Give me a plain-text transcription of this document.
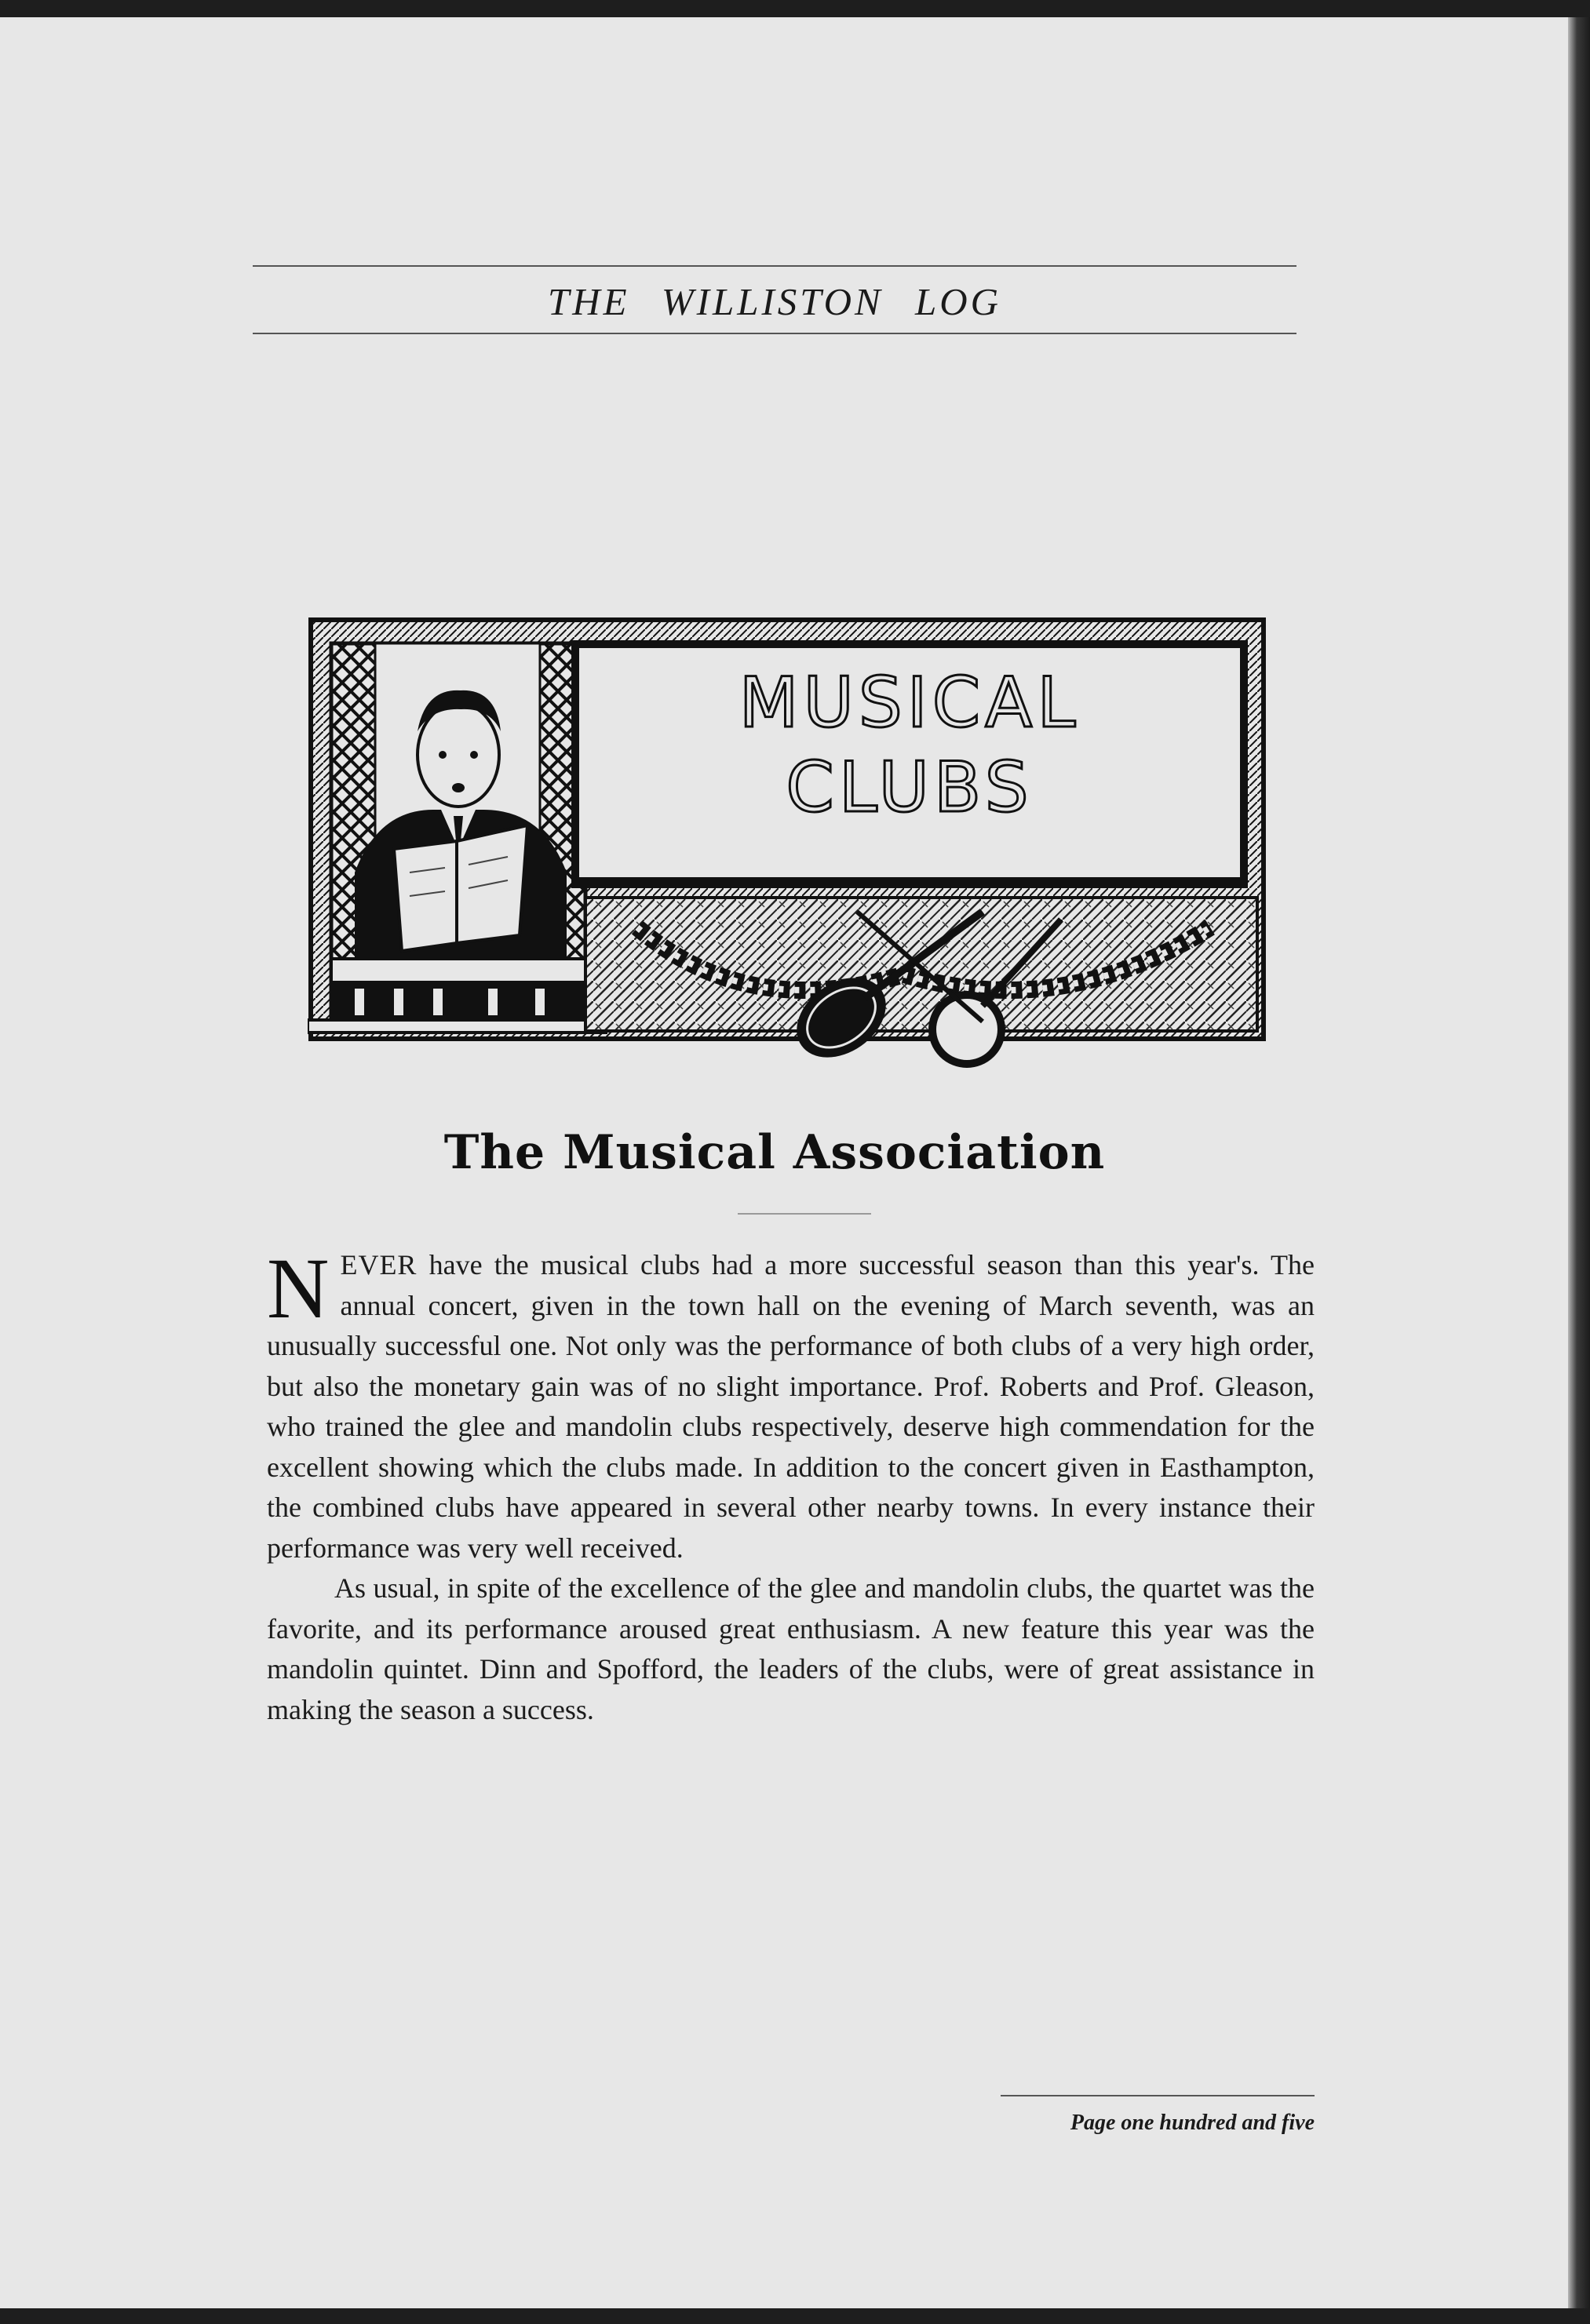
THE WILLISTON LOG
MUSICAL
CLUBS
The Musical Association

NEVER have the musical clubs had a more successful season than this year's. The annual concert, given in the town hall on the evening of March seventh, was an unusually successful one. Not only was the performance of both clubs of a very high order, but also the monetary gain was of no slight importance. Prof. Roberts and Prof. Gleason, who trained the glee and mandolin clubs respectively, deserve high commendation for the excellent showing which the clubs made. In addition to the concert given in Easthampton, the combined clubs have appeared in several other nearby towns. In every instance their performance was very well received.

As usual, in spite of the excellence of the glee and mandolin clubs, the quartet was the favorite, and its performance aroused great enthusiasm. A new feature this year was the mandolin quintet. Dinn and Spofford, the leaders of the clubs, were of great assistance in making the season a success.

Page one hundred and five
